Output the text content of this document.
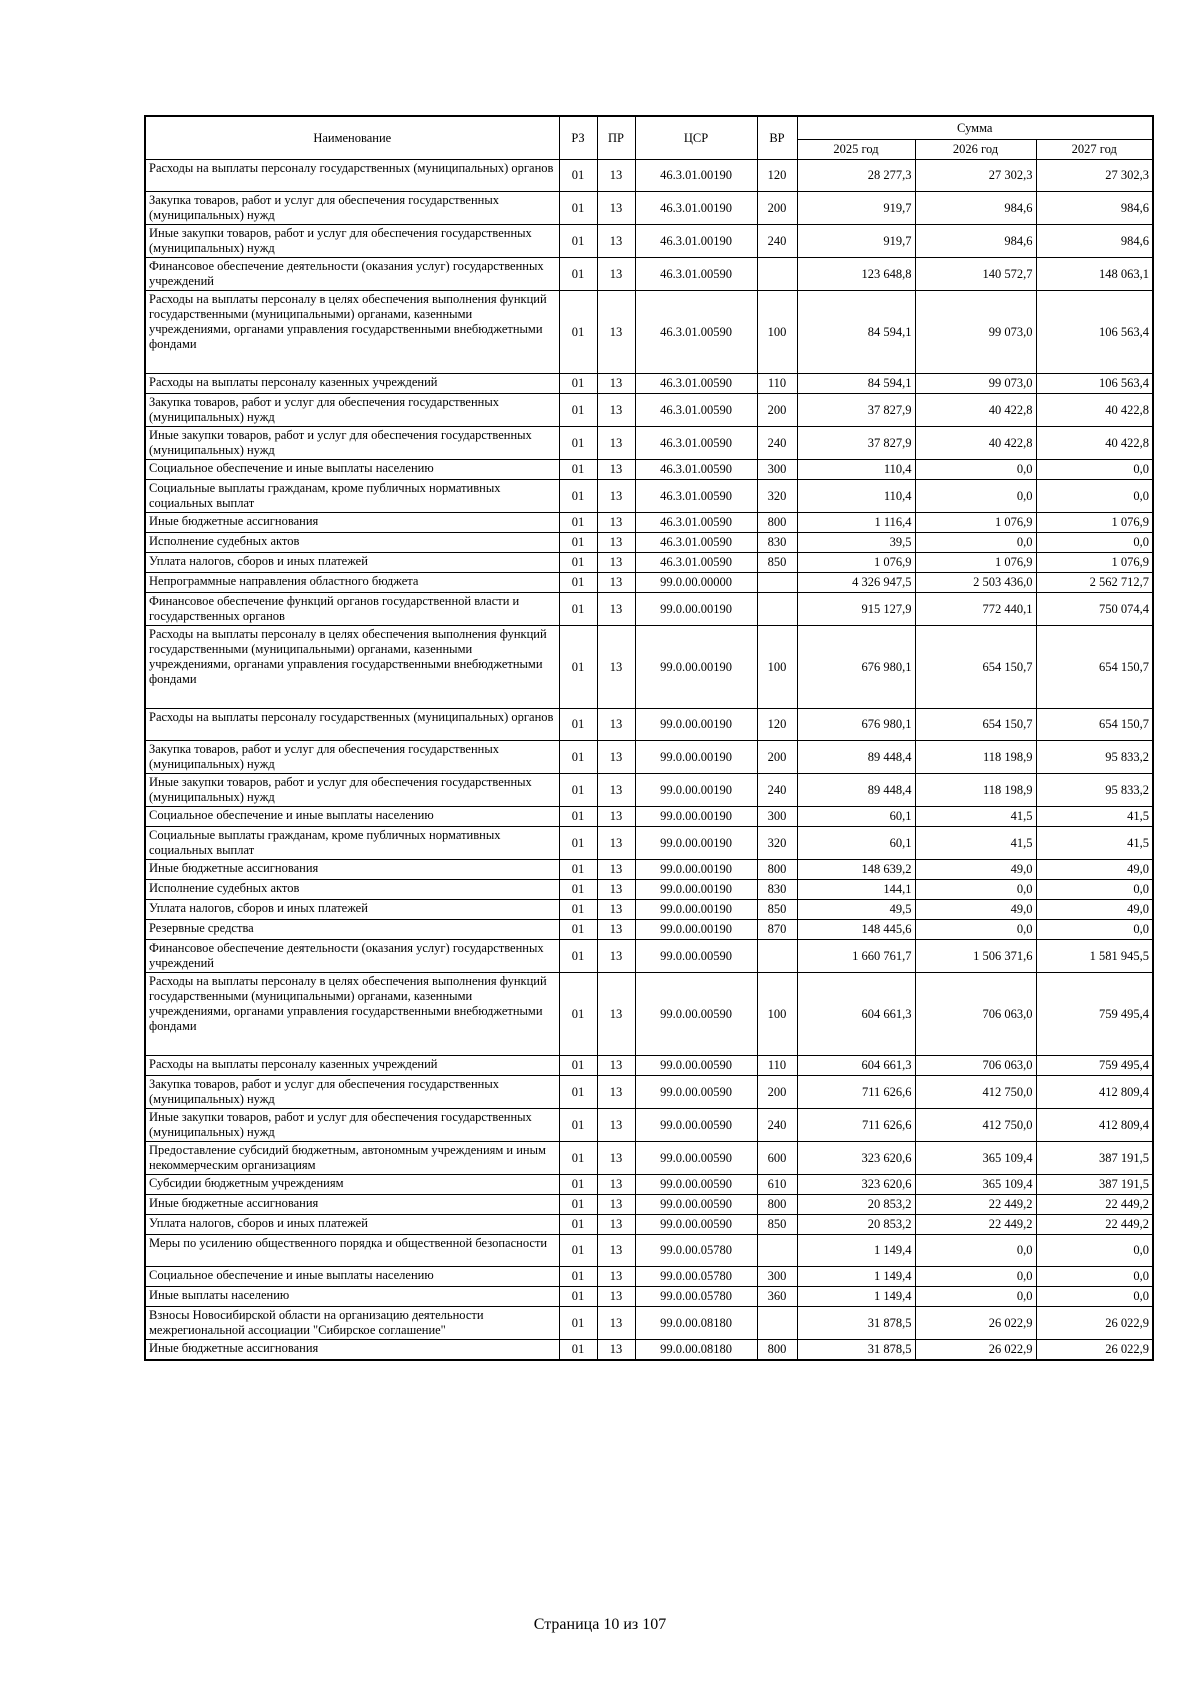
Наименование	РЗ	ПР	ЦСР	ВР	Сумма		
					2025 год	2026 год	2027 год
Расходы на выплаты персоналу государственных (муниципальных) органов	01	13	46.3.01.00190	120	28 277,3	27 302,3	27 302,3
Закупка товаров, работ и услуг для обеспечения государственных (муниципальных) нужд	01	13	46.3.01.00190	200	919,7	984,6	984,6
Иные закупки товаров, работ и услуг для обеспечения государственных (муниципальных) нужд	01	13	46.3.01.00190	240	919,7	984,6	984,6
Финансовое обеспечение деятельности (оказания услуг) государственных учреждений	01	13	46.3.01.00590		123 648,8	140 572,7	148 063,1
Расходы на выплаты персоналу в целях обеспечения выполнения функций государственными (муниципальными) органами, казенными учреждениями, органами управления государственными внебюджетными фондами	01	13	46.3.01.00590	100	84 594,1	99 073,0	106 563,4
Расходы на выплаты персоналу казенных учреждений	01	13	46.3.01.00590	110	84 594,1	99 073,0	106 563,4
Закупка товаров, работ и услуг для обеспечения государственных (муниципальных) нужд	01	13	46.3.01.00590	200	37 827,9	40 422,8	40 422,8
Иные закупки товаров, работ и услуг для обеспечения государственных (муниципальных) нужд	01	13	46.3.01.00590	240	37 827,9	40 422,8	40 422,8
Социальное обеспечение и иные выплаты населению	01	13	46.3.01.00590	300	110,4	0,0	0,0
Социальные выплаты гражданам, кроме публичных нормативных социальных выплат	01	13	46.3.01.00590	320	110,4	0,0	0,0
Иные бюджетные ассигнования	01	13	46.3.01.00590	800	1 116,4	1 076,9	1 076,9
Исполнение судебных актов	01	13	46.3.01.00590	830	39,5	0,0	0,0
Уплата налогов, сборов и иных платежей	01	13	46.3.01.00590	850	1 076,9	1 076,9	1 076,9
Непрограммные направления областного бюджета	01	13	99.0.00.00000		4 326 947,5	2 503 436,0	2 562 712,7
Финансовое обеспечение функций органов государственной власти и государственных органов	01	13	99.0.00.00190		915 127,9	772 440,1	750 074,4
Расходы на выплаты персоналу в целях обеспечения выполнения функций государственными (муниципальными) органами, казенными учреждениями, органами управления государственными внебюджетными фондами	01	13	99.0.00.00190	100	676 980,1	654 150,7	654 150,7
Расходы на выплаты персоналу государственных (муниципальных) органов	01	13	99.0.00.00190	120	676 980,1	654 150,7	654 150,7
Закупка товаров, работ и услуг для обеспечения государственных (муниципальных) нужд	01	13	99.0.00.00190	200	89 448,4	118 198,9	95 833,2
Иные закупки товаров, работ и услуг для обеспечения государственных (муниципальных) нужд	01	13	99.0.00.00190	240	89 448,4	118 198,9	95 833,2
Социальное обеспечение и иные выплаты населению	01	13	99.0.00.00190	300	60,1	41,5	41,5
Социальные выплаты гражданам, кроме публичных нормативных социальных выплат	01	13	99.0.00.00190	320	60,1	41,5	41,5
Иные бюджетные ассигнования	01	13	99.0.00.00190	800	148 639,2	49,0	49,0
Исполнение судебных актов	01	13	99.0.00.00190	830	144,1	0,0	0,0
Уплата налогов, сборов и иных платежей	01	13	99.0.00.00190	850	49,5	49,0	49,0
Резервные средства	01	13	99.0.00.00190	870	148 445,6	0,0	0,0
Финансовое обеспечение деятельности (оказания услуг) государственных учреждений	01	13	99.0.00.00590		1 660 761,7	1 506 371,6	1 581 945,5
Расходы на выплаты персоналу в целях обеспечения выполнения функций государственными (муниципальными) органами, казенными учреждениями, органами управления государственными внебюджетными фондами	01	13	99.0.00.00590	100	604 661,3	706 063,0	759 495,4
Расходы на выплаты персоналу казенных учреждений	01	13	99.0.00.00590	110	604 661,3	706 063,0	759 495,4
Закупка товаров, работ и услуг для обеспечения государственных (муниципальных) нужд	01	13	99.0.00.00590	200	711 626,6	412 750,0	412 809,4
Иные закупки товаров, работ и услуг для обеспечения государственных (муниципальных) нужд	01	13	99.0.00.00590	240	711 626,6	412 750,0	412 809,4
Предоставление субсидий бюджетным, автономным учреждениям и иным некоммерческим организациям	01	13	99.0.00.00590	600	323 620,6	365 109,4	387 191,5
Субсидии бюджетным учреждениям	01	13	99.0.00.00590	610	323 620,6	365 109,4	387 191,5
Иные бюджетные ассигнования	01	13	99.0.00.00590	800	20 853,2	22 449,2	22 449,2
Уплата налогов, сборов и иных платежей	01	13	99.0.00.00590	850	20 853,2	22 449,2	22 449,2
Меры по усилению общественного порядка и общественной безопасности	01	13	99.0.00.05780		1 149,4	0,0	0,0
Социальное обеспечение и иные выплаты населению	01	13	99.0.00.05780	300	1 149,4	0,0	0,0
Иные выплаты населению	01	13	99.0.00.05780	360	1 149,4	0,0	0,0
Взносы Новосибирской области на организацию деятельности межрегиональной ассоциации "Сибирское соглашение"	01	13	99.0.00.08180		31 878,5	26 022,9	26 022,9
Иные бюджетные ассигнования	01	13	99.0.00.08180	800	31 878,5	26 022,9	26 022,9
Страница 10 из 107
